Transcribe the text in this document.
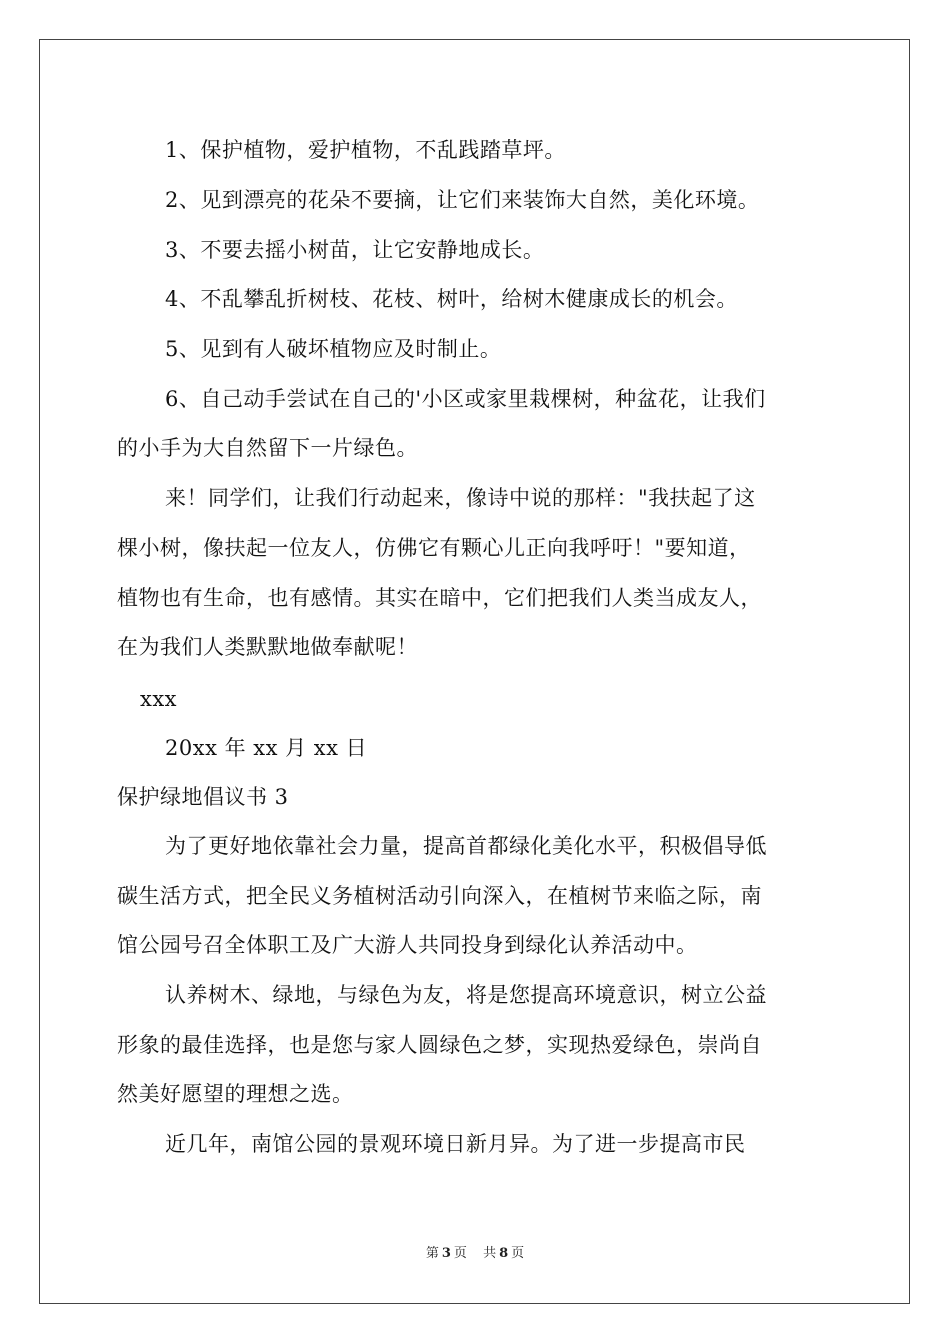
1、保护植物，爱护植物，不乱践踏草坪。
2、见到漂亮的花朵不要摘，让它们来装饰大自然，美化环境。
3、不要去摇小树苗，让它安静地成长。
4、不乱攀乱折树枝、花枝、树叶，给树木健康成长的机会。
5、见到有人破坏植物应及时制止。
6、自己动手尝试在自己的'小区或家里栽棵树，种盆花，让我们
的小手为大自然留下一片绿色。
来！同学们，让我们行动起来，像诗中说的那样："我扶起了这
棵小树，像扶起一位友人，仿佛它有颗心儿正向我呼吁！"要知道，
植物也有生命，也有感情。其实在暗中，它们把我们人类当成友人，
在为我们人类默默地做奉献呢！
xxx
20xx 年 xx 月 xx 日
保护绿地倡议书 3
为了更好地依靠社会力量，提高首都绿化美化水平，积极倡导低
碳生活方式，把全民义务植树活动引向深入，在植树节来临之际，南
馆公园号召全体职工及广大游人共同投身到绿化认养活动中。
认养树木、绿地，与绿色为友，将是您提高环境意识，树立公益
形象的最佳选择，也是您与家人圆绿色之梦，实现热爱绿色，崇尚自
然美好愿望的理想之选。
近几年，南馆公园的景观环境日新月异。为了进一步提高市民
第 3 页 共 8 页
